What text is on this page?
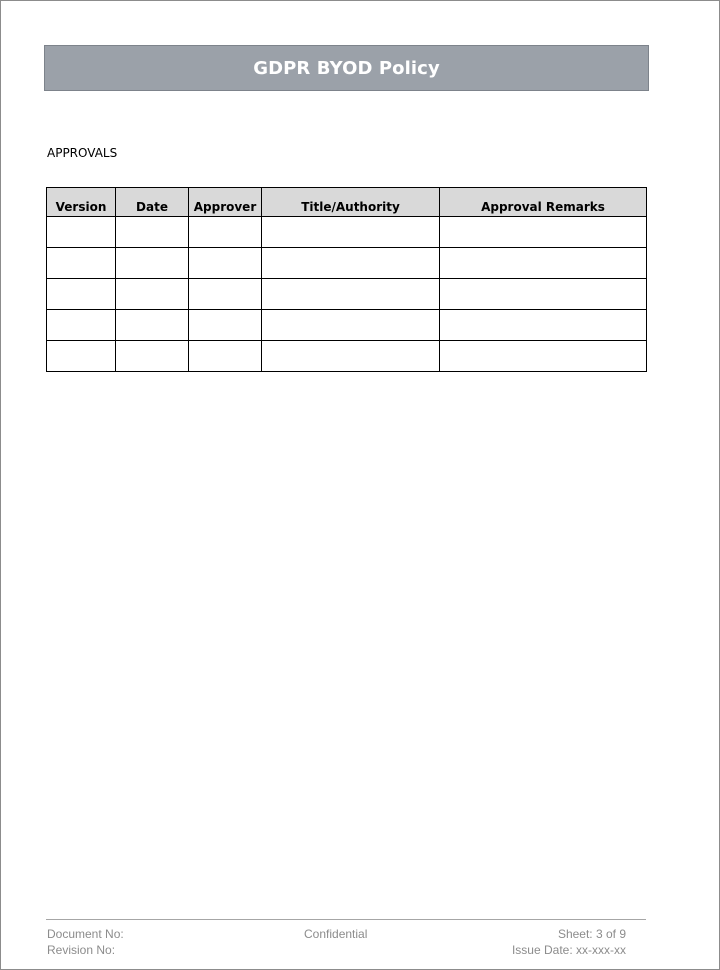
GDPR BYOD Policy
APPROVALS
Version	Date	Approver	Title/Authority	Approval Remarks

Document No:
Revision No:
Confidential	Sheet: 3 of 9
Issue Date: xx-xxx-xx
